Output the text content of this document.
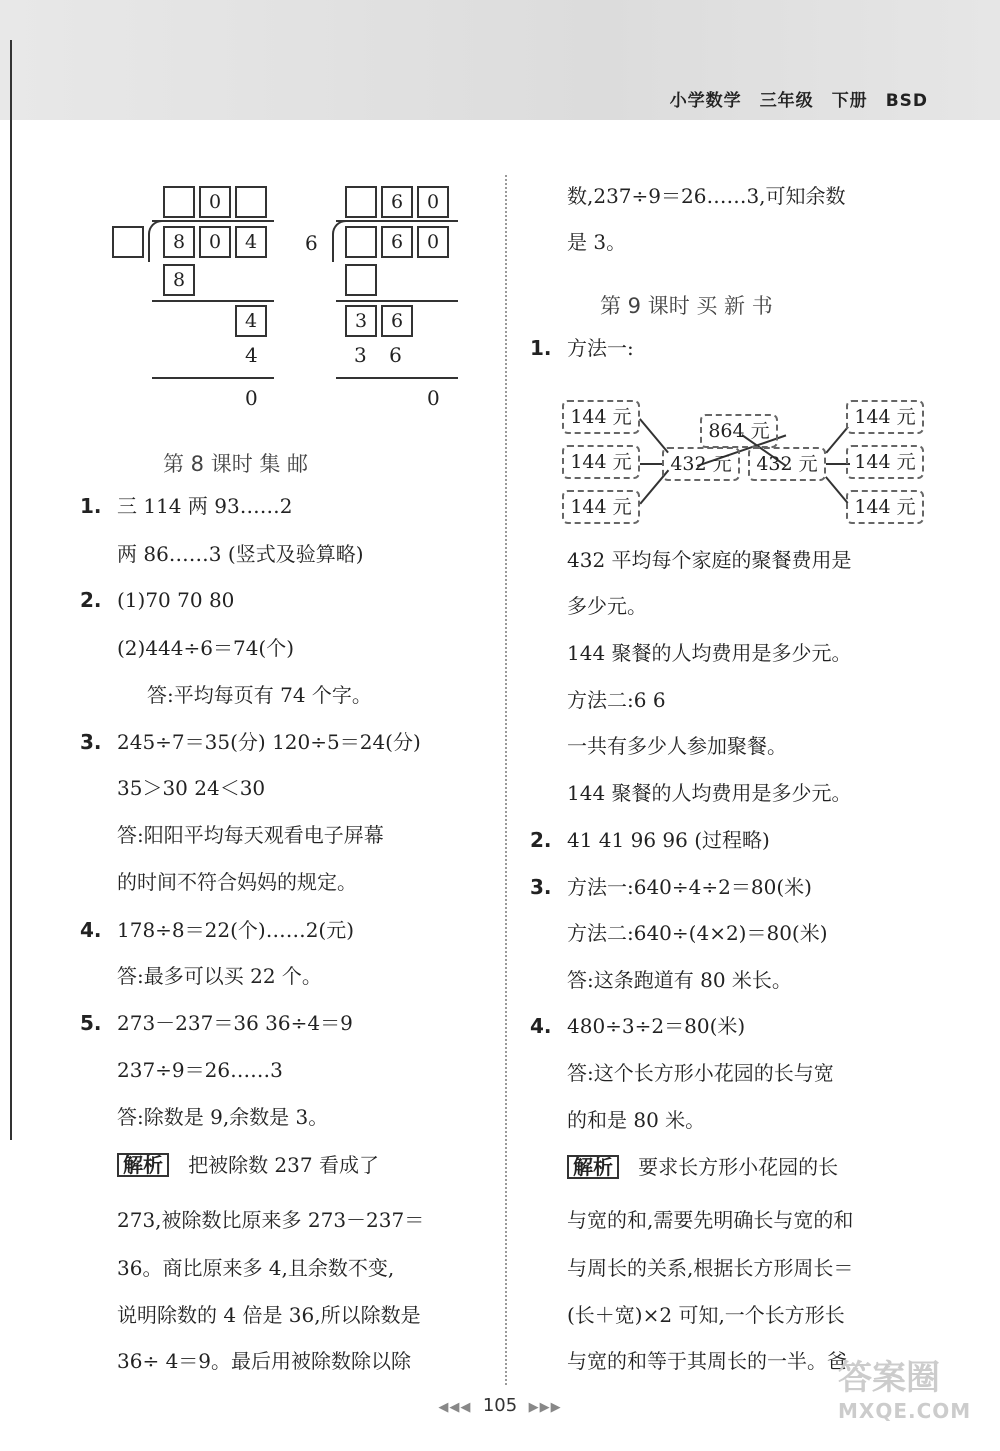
小学数学 三年级 下册 BSD
0
8	0	4
8
4
4
0
6	0
6	6	0
3	6
3 6
0
第 8 课时 集 邮
1. 三 114 两 93……2
两 86……3 (竖式及验算略)
2. (1)70 70 80
(2)444÷6＝74(个)
答:平均每页有 74 个字。
3. 245÷7＝35(分) 120÷5＝24(分)
35＞30 24＜30
答:阳阳平均每天观看电子屏幕
的时间不符合妈妈的规定。
4. 178÷8＝22(个)……2(元)
答:最多可以买 22 个。
5. 273－237＝36 36÷4＝9
237÷9＝26……3
答:除数是 9,余数是 3。
解析 把被除数 237 看成了
273,被除数比原来多 273－237＝
36。商比原来多 4,且余数不变,
说明除数的 4 倍是 36,所以除数是
36÷ 4＝9。最后用被除数除以除
数,237÷9＝26……3,可知余数
是 3。
第 9 课时 买 新 书
1. 方法一:
864 元
432 元	432 元
144 元
144 元
144 元
144 元
144 元
144 元
432 平均每个家庭的聚餐费用是
多少元。
144 聚餐的人均费用是多少元。
方法二:6 6
一共有多少人参加聚餐。
144 聚餐的人均费用是多少元。
2. 41 41 96 96 (过程略)
3. 方法一:640÷4÷2＝80(米)
方法二:640÷(4×2)＝80(米)
答:这条跑道有 80 米长。
4. 480÷3÷2＝80(米)
答:这个长方形小花园的长与宽
的和是 80 米。
解析 要求长方形小花园的长
与宽的和,需要先明确长与宽的和
与周长的关系,根据长方形周长＝
(长＋宽)×2 可知,一个长方形长
与宽的和等于其周长的一半。爸
◀◀◀ 105 ▶▶▶
答案圈
MXQE.COM
